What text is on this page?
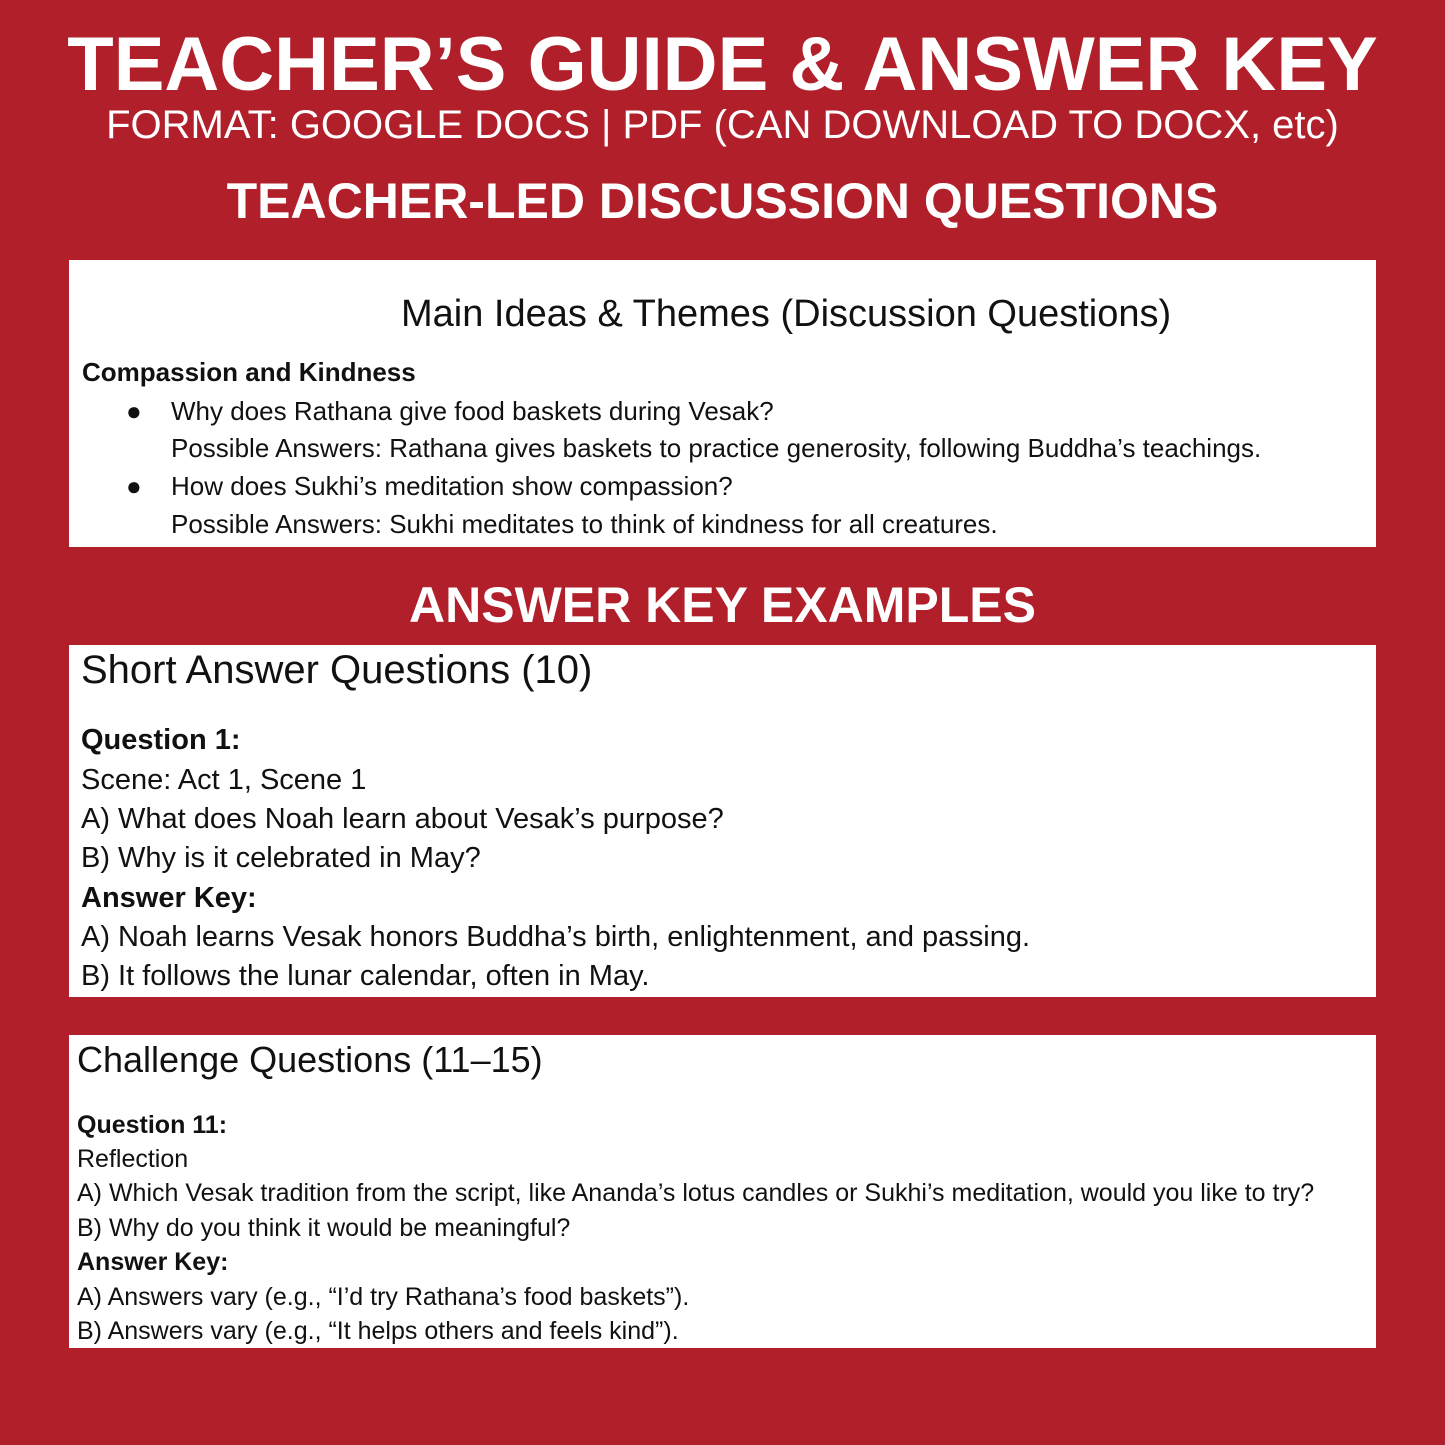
TEACHER’S GUIDE & ANSWER KEY
FORMAT: GOOGLE DOCS | PDF (CAN DOWNLOAD TO DOCX, etc)
TEACHER-LED DISCUSSION QUESTIONS
Main Ideas & Themes (Discussion Questions)
Compassion and Kindness
● Why does Rathana give food baskets during Vesak?
Possible Answers: Rathana gives baskets to practice generosity, following Buddha’s teachings.
● How does Sukhi’s meditation show compassion?
Possible Answers: Sukhi meditates to think of kindness for all creatures.
ANSWER KEY EXAMPLES
Short Answer Questions (10)
Question 1:
Scene: Act 1, Scene 1
A) What does Noah learn about Vesak’s purpose?
B) Why is it celebrated in May?
Answer Key:
A) Noah learns Vesak honors Buddha’s birth, enlightenment, and passing.
B) It follows the lunar calendar, often in May.
Challenge Questions (11–15)
Question 11:
Reflection
A) Which Vesak tradition from the script, like Ananda’s lotus candles or Sukhi’s meditation, would you like to try?
B) Why do you think it would be meaningful?
Answer Key:
A) Answers vary (e.g., “I’d try Rathana’s food baskets”).
B) Answers vary (e.g., “It helps others and feels kind”).
